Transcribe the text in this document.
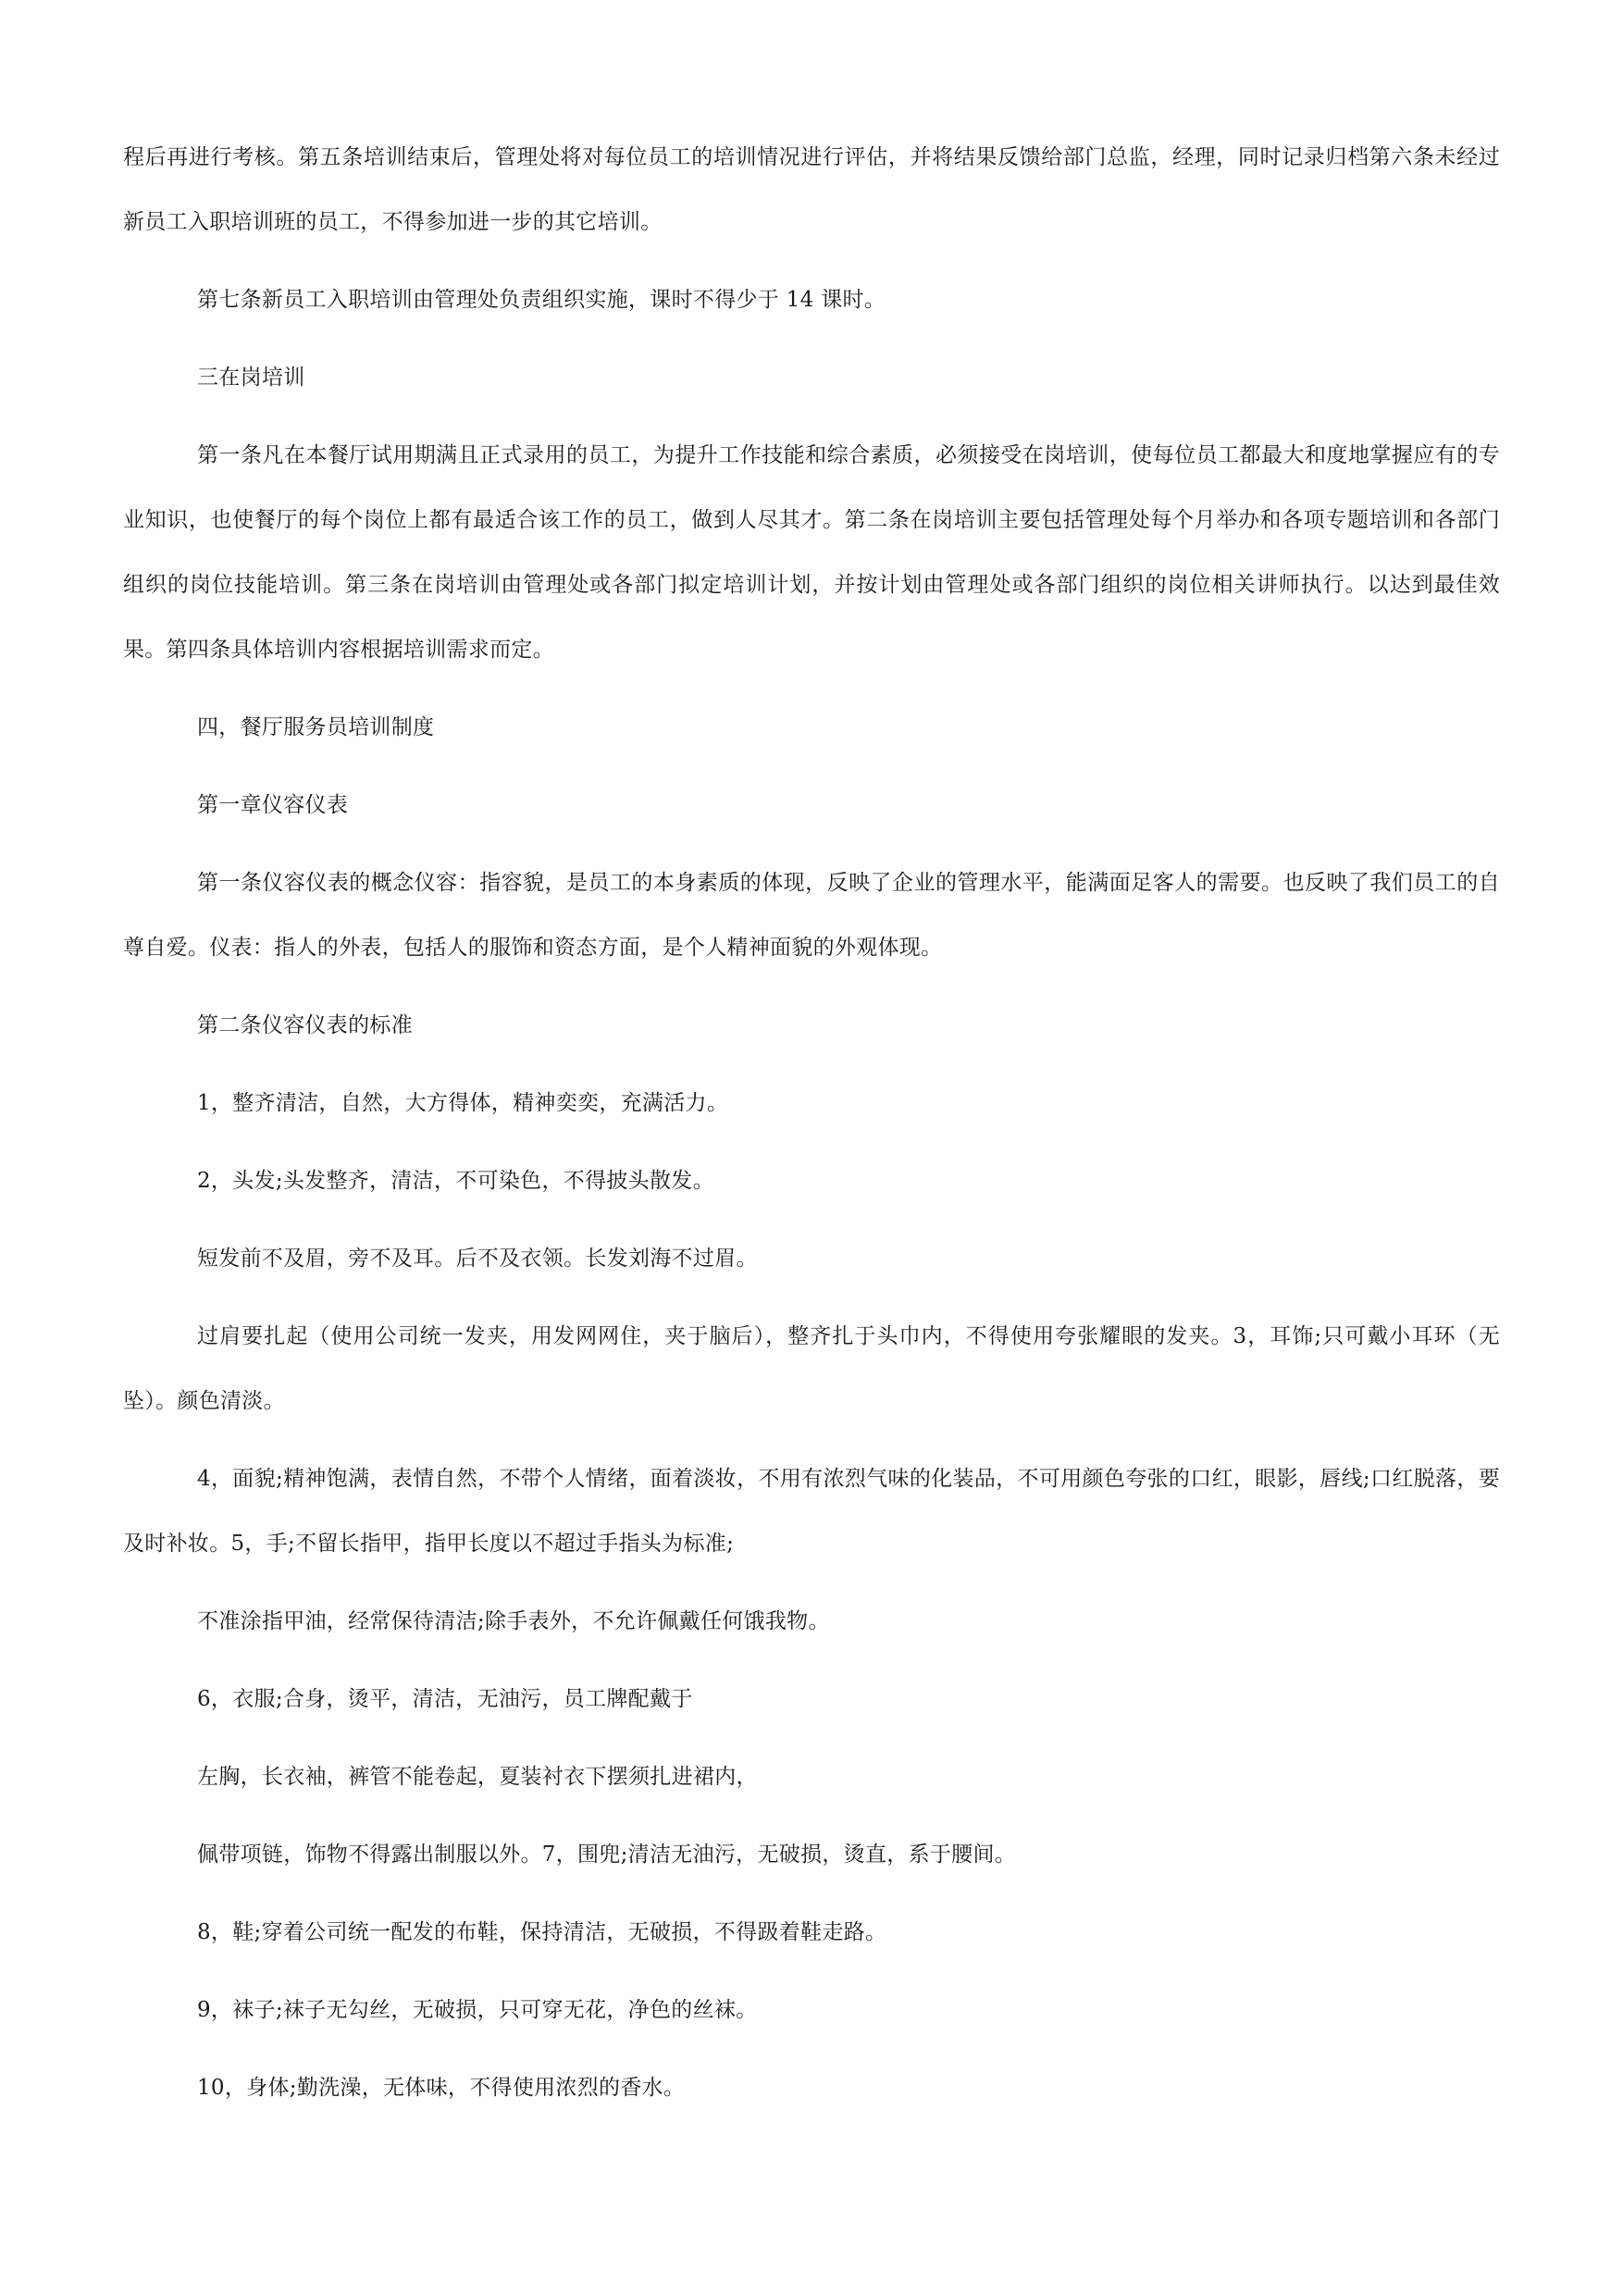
程后再进行考核。第五条培训结束后，管理处将对每位员工的培训情况进行评估，并将结果反馈给部门总监，经理，同时记录归档第六条未经过新员工入职培训班的员工，不得参加进一步的其它培训。

第七条新员工入职培训由管理处负责组织实施，课时不得少于 14 课时。

三在岗培训

第一条凡在本餐厅试用期满且正式录用的员工，为提升工作技能和综合素质，必须接受在岗培训，使每位员工都最大和度地掌握应有的专业知识，也使餐厅的每个岗位上都有最适合该工作的员工，做到人尽其才。第二条在岗培训主要包括管理处每个月举办和各项专题培训和各部门组织的岗位技能培训。第三条在岗培训由管理处或各部门拟定培训计划，并按计划由管理处或各部门组织的岗位相关讲师执行。以达到最佳效果。第四条具体培训内容根据培训需求而定。

四，餐厅服务员培训制度

第一章仪容仪表

第一条仪容仪表的概念仪容：指容貌，是员工的本身素质的体现，反映了企业的管理水平，能满面足客人的需要。也反映了我们员工的自尊自爱。仪表：指人的外表，包括人的服饰和资态方面，是个人精神面貌的外观体现。

第二条仪容仪表的标准

1，整齐清洁，自然，大方得体，精神奕奕，充满活力。

2，头发;头发整齐，清洁，不可染色，不得披头散发。

短发前不及眉，旁不及耳。后不及衣领。长发刘海不过眉。

过肩要扎起（使用公司统一发夹，用发网网住，夹于脑后），整齐扎于头巾内，不得使用夸张耀眼的发夹。3，耳饰;只可戴小耳环（无坠）。颜色清淡。

4，面貌;精神饱满，表情自然，不带个人情绪，面着淡妆，不用有浓烈气味的化装品，不可用颜色夸张的口红，眼影，唇线;口红脱落，要及时补妆。5，手;不留长指甲，指甲长度以不超过手指头为标准;

不准涂指甲油，经常保待清洁;除手表外，不允许佩戴任何饿我物。

6，衣服;合身，烫平，清洁，无油污，员工牌配戴于

左胸，长衣袖，裤管不能卷起，夏装衬衣下摆须扎进裙内，

佩带项链，饰物不得露出制服以外。7，围兜;清洁无油污，无破损，烫直，系于腰间。

8，鞋;穿着公司统一配发的布鞋，保持清洁，无破损，不得趿着鞋走路。

9，袜子;袜子无勾丝，无破损，只可穿无花，净色的丝袜。

10，身体;勤洗澡，无体味，不得使用浓烈的香水。
